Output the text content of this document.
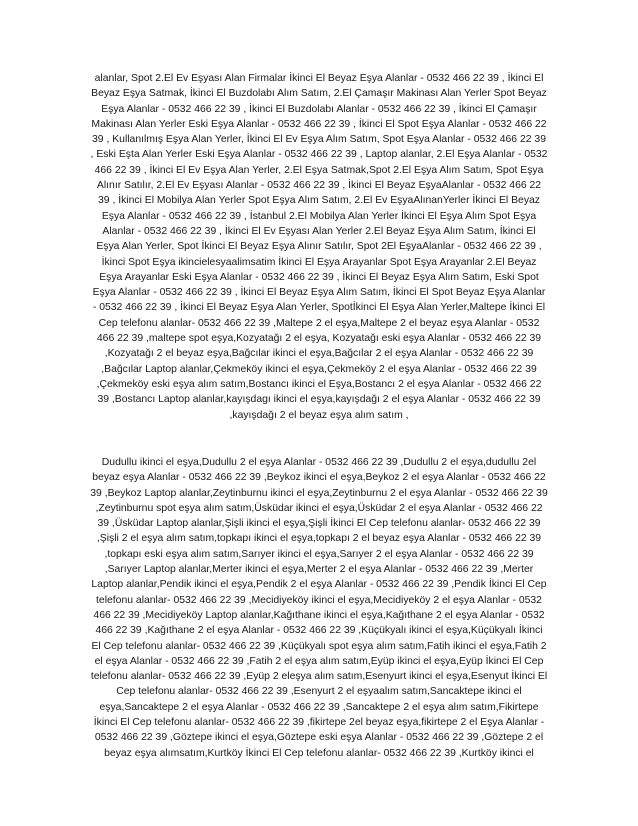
alanlar, Spot 2.El Ev Eşyası Alan Firmalar İkinci El Beyaz Eşya Alanlar - 0532 466 22 39 , İkinci El Beyaz Eşya Satmak, İkinci El Buzdolabı Alım Satım, 2.El Çamaşır Makinası Alan Yerler Spot Beyaz Eşya Alanlar - 0532 466 22 39 , İkinci El Buzdolabı Alanlar - 0532 466 22 39 , İkinci El Çamaşır Makinası Alan Yerler Eski Eşya Alanlar - 0532 466 22 39 , İkinci El Spot Eşya Alanlar - 0532 466 22 39 , Kullanılmış Eşya Alan Yerler, İkinci El Ev Eşya Alım Satım, Spot Eşya Alanlar - 0532 466 22 39 , Eski Eşta Alan Yerler Eski Eşya Alanlar - 0532 466 22 39 , Laptop alanlar, 2.El Eşya Alanlar - 0532 466 22 39 , İkinci El Ev Eşya Alan Yerler, 2.El Eşya Satmak,Spot 2.El Eşya Alım Satım, Spot Eşya Alınır Satılır, 2.El Ev Eşyası Alanlar - 0532 466 22 39 , İkinci El Beyaz EşyaAlanlar - 0532 466 22 39 , İkinci El Mobilya Alan Yerler Spot Eşya Alım Satım, 2.El Ev EşyaAlınanYerler İkinci El Beyaz Eşya Alanlar - 0532 466 22 39 , İstanbul 2.El Mobilya Alan Yerler İkinci El Eşya Alım Spot Eşya Alanlar - 0532 466 22 39 , İkinci El Ev Eşyası Alan Yerler 2.El Beyaz Eşya Alım Satım, İkinci El Eşya Alan Yerler, Spot İkinci El Beyaz Eşya Alınır Satılır, Spot 2El EşyaAlanlar - 0532 466 22 39 , İkinci Spot Eşya ikincielesyaalimsatim İkinci El Eşya Arayanlar Spot Eşya Arayanlar 2.El Beyaz Eşya Arayanlar Eski Eşya Alanlar - 0532 466 22 39 , İkinci El Beyaz Eşya Alım Satım, Eski Spot Eşya Alanlar - 0532 466 22 39 , İkinci El Beyaz Eşya Alım Satım, İkinci El Spot Beyaz Eşya Alanlar - 0532 466 22 39 , İkinci El Beyaz Eşya Alan Yerler, Spotİkinci El Eşya Alan Yerler,Maltepe İkinci El Cep telefonu alanlar- 0532 466 22 39 ,Maltepe 2 el eşya,Maltepe 2 el beyaz eşya Alanlar - 0532 466 22 39 ,maltepe spot eşya,Kozyatağı 2 el eşya, Kozyatağı eski eşya Alanlar - 0532 466 22 39 ,Kozyatağı 2 el beyaz eşya,Bağcılar ikinci el eşya,Bağcılar 2 el eşya Alanlar - 0532 466 22 39 ,Bağcılar Laptop alanlar,Çekmeköy ikinci el eşya,Çekmeköy 2 el eşya Alanlar - 0532 466 22 39 ,Çekmeköy eski eşya alım satım,Bostancı ikinci el Eşya,Bostancı 2 el eşya Alanlar - 0532 466 22 39 ,Bostancı Laptop alanlar,kayışdagı ikinci el eşya,kayışdağı 2 el eşya Alanlar - 0532 466 22 39 ,kayışdağı 2 el beyaz eşya alım satım ,

Dudullu ikinci el eşya,Dudullu 2 el eşya Alanlar - 0532 466 22 39 ,Dudullu 2 el eşya,dudullu 2el beyaz eşya Alanlar - 0532 466 22 39 ,Beykoz ikinci el eşya,Beykoz 2 el eşya Alanlar - 0532 466 22 39 ,Beykoz Laptop alanlar,Zeytinburnu ikinci el eşya,Zeytinburnu 2 el eşya Alanlar - 0532 466 22 39 ,Zeytinburnu spot eşya alım satım,Üsküdar ikinci el eşya,Üsküdar 2 el eşya Alanlar - 0532 466 22 39 ,Üsküdar Laptop alanlar,Şişli ikinci el eşya,Şişli İkinci El Cep telefonu alanlar- 0532 466 22 39 ,Şişli 2 el eşya alım satım,topkapı ikinci el eşya,topkapı 2 el beyaz eşya Alanlar - 0532 466 22 39 ,topkapı eski eşya alım satım,Sarıyer ikinci el eşya,Sarıyer 2 el eşya Alanlar - 0532 466 22 39 ,Sarıyer Laptop alanlar,Merter ikinci el eşya,Merter 2 el eşya Alanlar - 0532 466 22 39 ,Merter Laptop alanlar,Pendik ikinci el eşya,Pendik 2 el eşya Alanlar - 0532 466 22 39 ,Pendik İkinci El Cep telefonu alanlar- 0532 466 22 39 ,Mecidiyeköy ikinci el eşya,Mecidiyeköy 2 el eşya Alanlar - 0532 466 22 39 ,Mecidiyeköy Laptop alanlar,Kağıthane ikinci el eşya,Kağıthane 2 el eşya Alanlar - 0532 466 22 39 ,Kağıthane 2 el eşya Alanlar - 0532 466 22 39 ,Küçükyalı ikinci el eşya,Küçükyalı İkinci El Cep telefonu alanlar- 0532 466 22 39 ,Küçükyalı spot eşya alım satım,Fatih ikinci el eşya,Fatih 2 el eşya Alanlar - 0532 466 22 39 ,Fatih 2 el eşya alım satım,Eyüp ikinci el eşya,Eyüp İkinci El Cep telefonu alanlar- 0532 466 22 39 ,Eyüp 2 eleşya alım satım,Esenyurt ikinci el eşya,Esenyut İkinci El Cep telefonu alanlar- 0532 466 22 39 ,Esenyurt 2 el eşyaalım satım,Sancaktepe ikinci el eşya,Sancaktepe 2 el eşya Alanlar - 0532 466 22 39 ,Sancaktepe 2 el eşya alım satım,Fikirtepe İkinci El Cep telefonu alanlar- 0532 466 22 39 ,fikirtepe 2el beyaz eşya,fikirtepe 2 el Eşya Alanlar - 0532 466 22 39 ,Göztepe ikinci el eşya,Göztepe eski eşya Alanlar - 0532 466 22 39 ,Göztepe 2 el beyaz eşya alımsatım,Kurtköy İkinci El Cep telefonu alanlar- 0532 466 22 39 ,Kurtköy ikinci el
